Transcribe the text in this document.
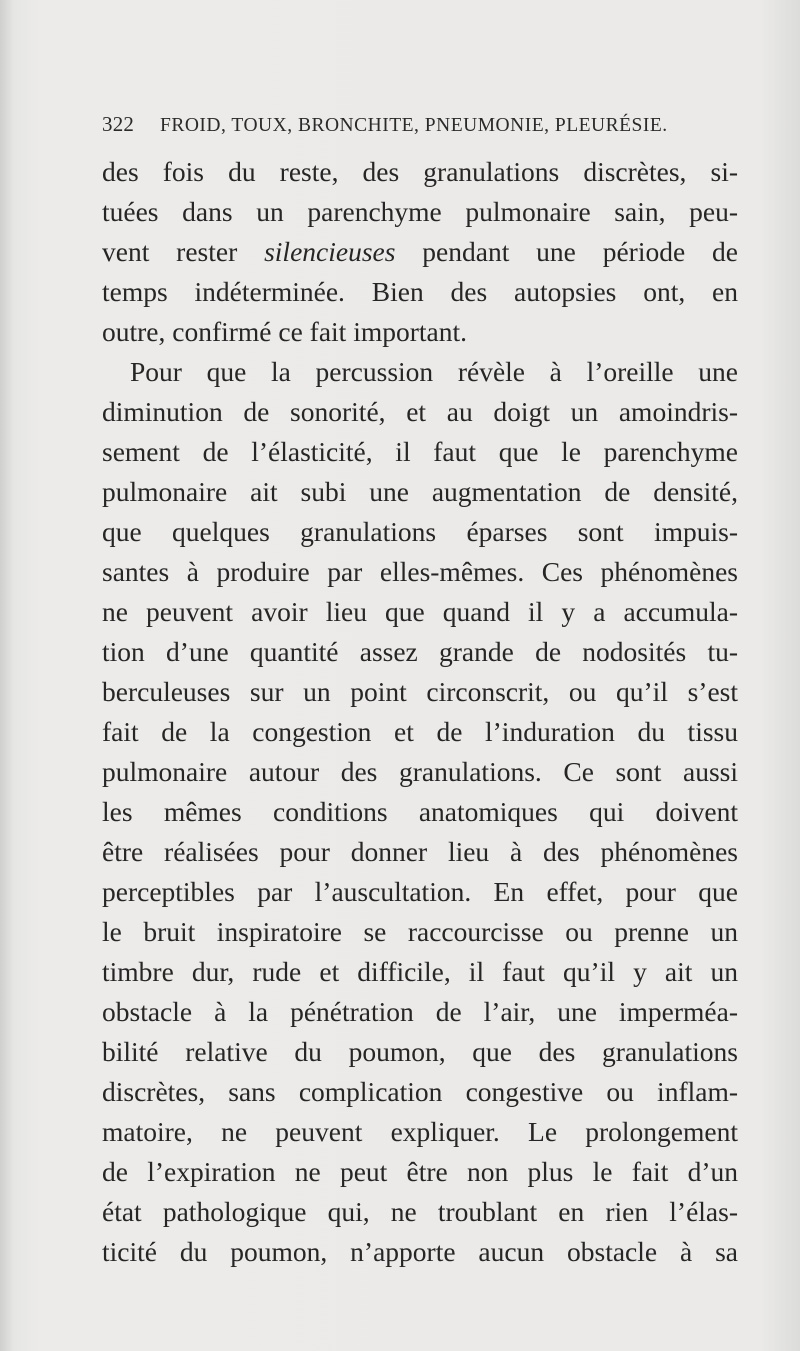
322 FROID, TOUX, BRONCHITE, PNEUMONIE, PLEURÉSIE.
des fois du reste, des granulations discrètes, si-
tuées dans un parenchyme pulmonaire sain, peu-
vent rester silencieuses pendant une période de
temps indéterminée. Bien des autopsies ont, en
outre, confirmé ce fait important.
Pour que la percussion révèle à l’oreille une
diminution de sonorité, et au doigt un amoindris-
sement de l’élasticité, il faut que le parenchyme
pulmonaire ait subi une augmentation de densité,
que quelques granulations éparses sont impuis-
santes à produire par elles-mêmes. Ces phénomènes
ne peuvent avoir lieu que quand il y a accumula-
tion d’une quantité assez grande de nodosités tu-
berculeuses sur un point circonscrit, ou qu’il s’est
fait de la congestion et de l’induration du tissu
pulmonaire autour des granulations. Ce sont aussi
les mêmes conditions anatomiques qui doivent
être réalisées pour donner lieu à des phénomènes
perceptibles par l’auscultation. En effet, pour que
le bruit inspiratoire se raccourcisse ou prenne un
timbre dur, rude et difficile, il faut qu’il y ait un
obstacle à la pénétration de l’air, une imperméa-
bilité relative du poumon, que des granulations
discrètes, sans complication congestive ou inflam-
matoire, ne peuvent expliquer. Le prolongement
de l’expiration ne peut être non plus le fait d’un
état pathologique qui, ne troublant en rien l’élas-
ticité du poumon, n’apporte aucun obstacle à sa
